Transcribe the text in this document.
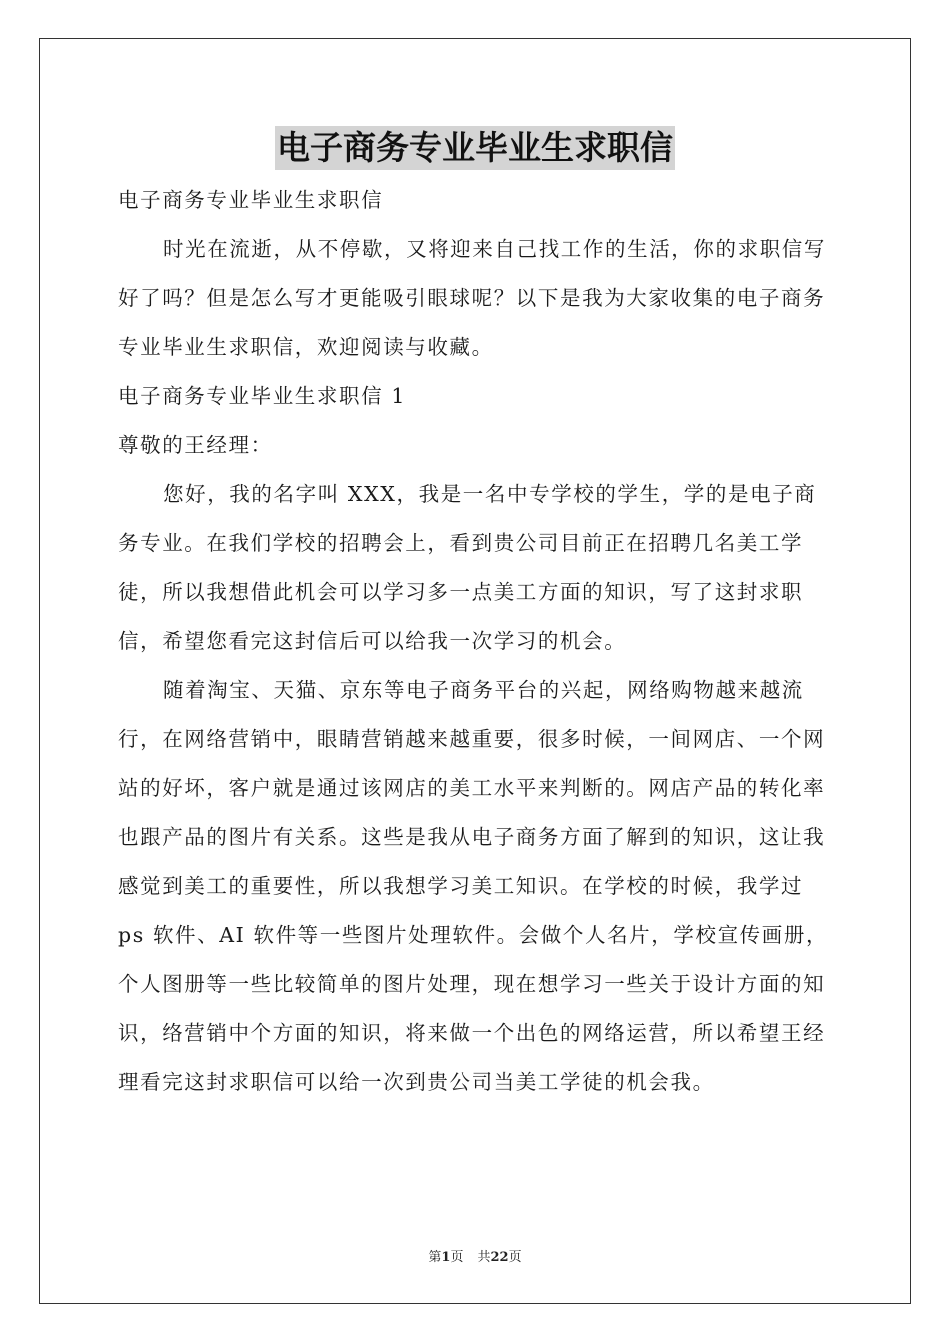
电子商务专业毕业生求职信

电子商务专业毕业生求职信

时光在流逝，从不停歇，又将迎来自己找工作的生活，你的求职信写好了吗？但是怎么写才更能吸引眼球呢？以下是我为大家收集的电子商务专业毕业生求职信，欢迎阅读与收藏。

电子商务专业毕业生求职信 1

尊敬的王经理：

您好，我的名字叫 XXX，我是一名中专学校的学生，学的是电子商务专业。在我们学校的招聘会上，看到贵公司目前正在招聘几名美工学徒，所以我想借此机会可以学习多一点美工方面的知识，写了这封求职信，希望您看完这封信后可以给我一次学习的机会。

随着淘宝、天猫、京东等电子商务平台的兴起，网络购物越来越流行，在网络营销中，眼睛营销越来越重要，很多时候，一间网店、一个网站的好坏，客户就是通过该网店的美工水平来判断的。网店产品的转化率也跟产品的图片有关系。这些是我从电子商务方面了解到的知识，这让我感觉到美工的重要性，所以我想学习美工知识。在学校的时候，我学过 ps 软件、AI 软件等一些图片处理软件。会做个人名片，学校宣传画册，个人图册等一些比较简单的图片处理，现在想学习一些关于设计方面的知识，络营销中个方面的知识，将来做一个出色的网络运营，所以希望王经理看完这封求职信可以给一次到贵公司当美工学徒的机会我。

第1页 共22页
